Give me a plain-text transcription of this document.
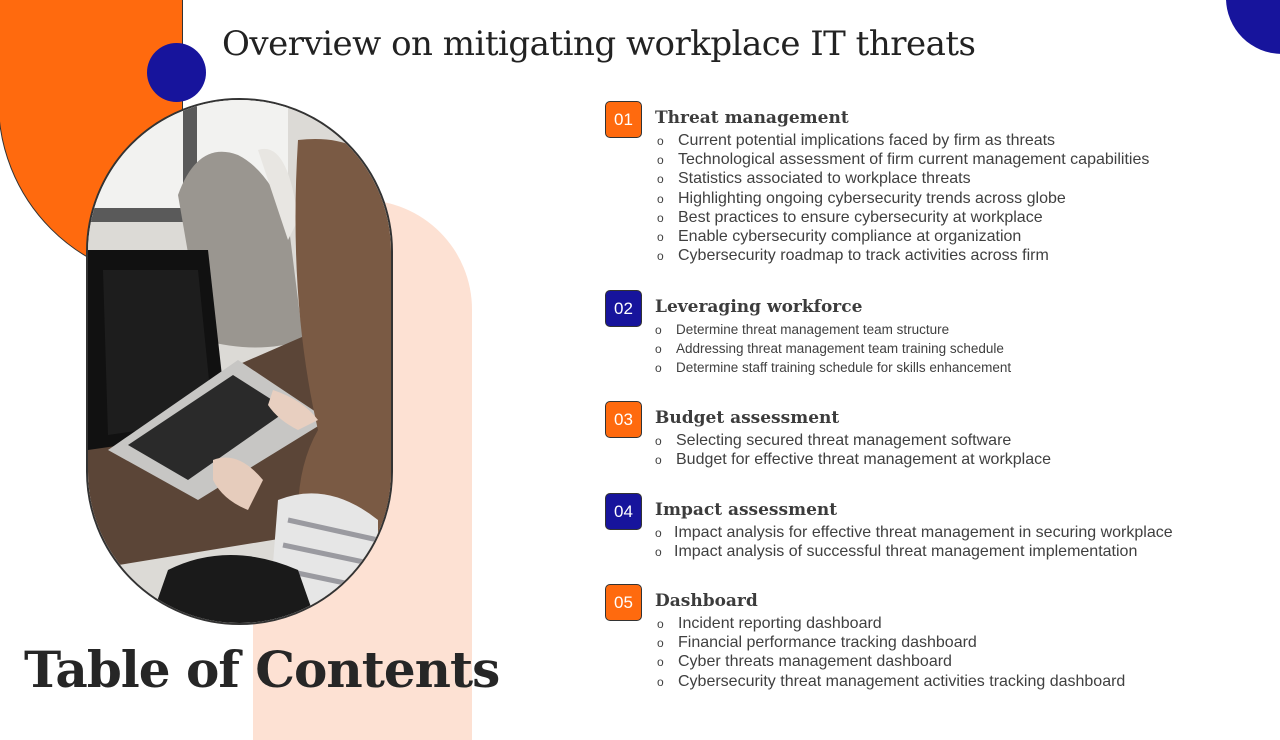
Overview on mitigating workplace IT threats
Table of Contents
01	Threat management
o Current potential implications faced by firm as threats
o Technological assessment of firm current management capabilities
o Statistics associated to workplace threats
o Highlighting ongoing cybersecurity trends across globe
o Best practices to ensure cybersecurity at workplace
o Enable cybersecurity compliance at organization
o Cybersecurity roadmap to track activities across firm
02	Leveraging workforce
o Determine threat management team structure
o Addressing threat management team training schedule
o Determine staff training schedule for skills enhancement
03	Budget assessment
o Selecting secured threat management software
o Budget for effective threat management at workplace
04	Impact assessment
o Impact analysis for effective threat management in securing workplace
o Impact analysis of successful threat management implementation
05	Dashboard
o Incident reporting dashboard
o Financial performance tracking dashboard
o Cyber threats management dashboard
o Cybersecurity threat management activities tracking dashboard
